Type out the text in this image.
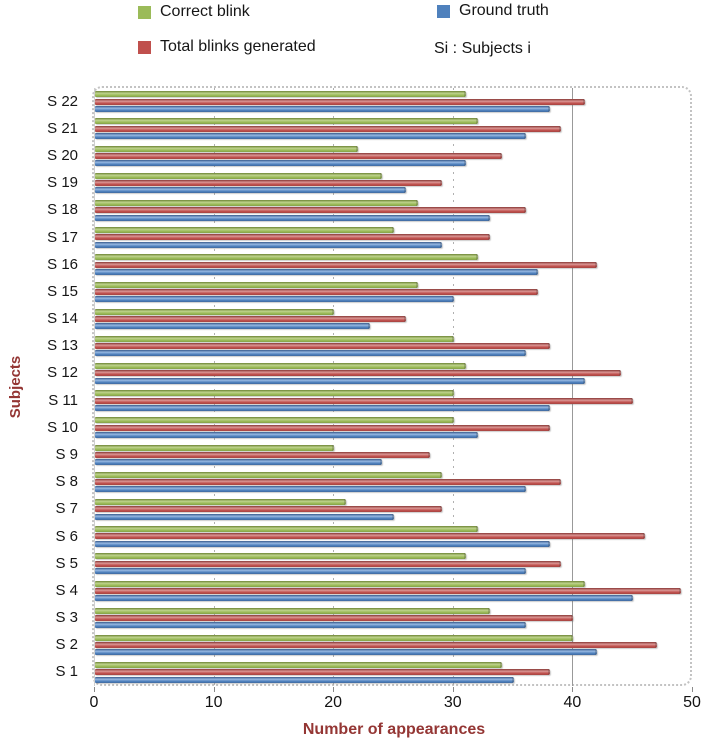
Correct blink
Total blinks generated
Ground truth
Si : Subjects i
0	10	20	30	40	50
S 22
S 21
S 20
S 19
S 18
S 17
S 16
S 15
S 14
S 13
S 12
S 11
S 10
S 9
S 8
S 7
S 6
S 5
S 4
S 3
S 2
S 1
Number of appearances
Subjects
